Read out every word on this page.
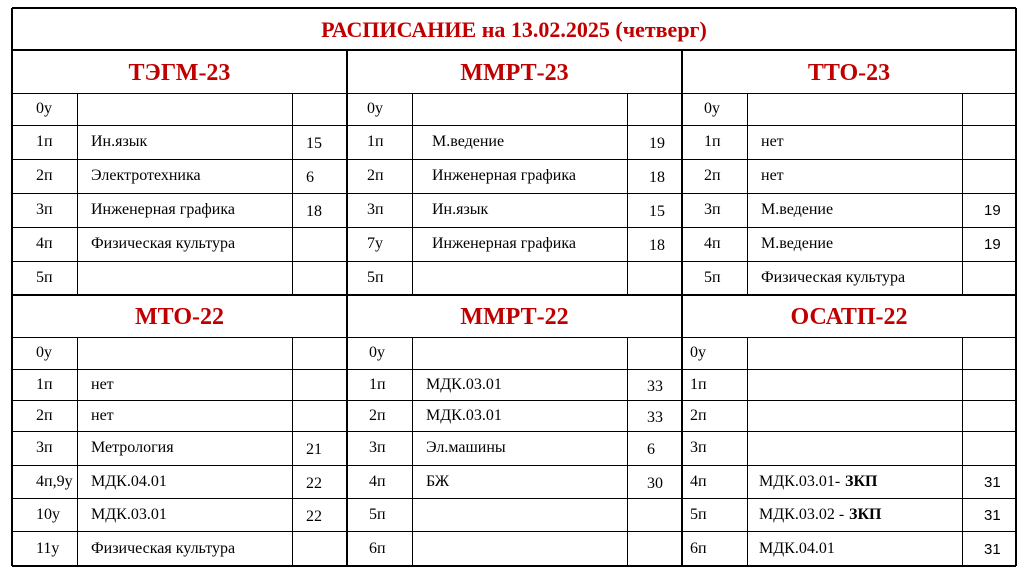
РАСПИСАНИЕ на 13.02.2025 (четверг)
ТЭГМ-23
0у
1п Ин.язык	15
2п Электротехника	6
3п Инженерная графика	18
4п Физическая культура
5п
ММРТ-23
0у
1п	М.ведение	19
2п	Инженерная графика	18
3п	Ин.язык	15
7у	Инженерная графика	18
5п
ТТО-23
0у
1п	нет
2п	нет
3п	М.ведение	19
4п	М.ведение	19
5п	Физическая культура
МТО-22
0у
1п нет
2п нет
3п Метрология	21
4п,9у МДК.04.01	22
10у МДК.03.01	22
11у Физическая культура
ММРТ-22
0у
1п	МДК.03.01	33
2п	МДК.03.01	33
3п	Эл.машины	6
4п	БЖ	30
5п
6п
ОСАТП-22
0у
1п
2п
3п
4п	МДК.03.01- ЗКП	31
5п	МДК.03.02 - ЗКП	31
6п	МДК.04.01	31
